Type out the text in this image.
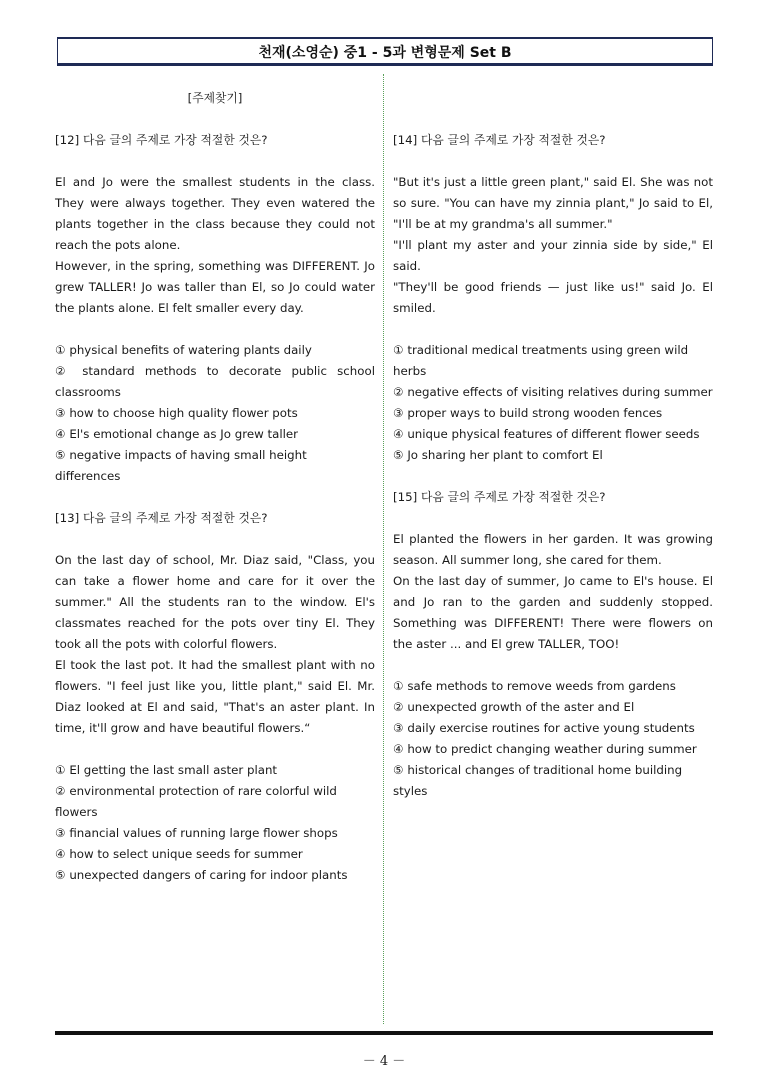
천재(소영순) 중1 - 5과 변형문제 Set B
[주제찾기]

[12] 다음 글의 주제로 가장 적절한 것은?

El and Jo were the smallest students in the class. They were always together. They even watered the plants together in the class because they could not reach the pots alone.

However, in the spring, something was DIFFERENT. Jo grew TALLER! Jo was taller than El, so Jo could water the plants alone. El felt smaller every day.

① physical benefits of watering plants daily

② standard methods to decorate public school classrooms

③ how to choose high quality flower pots

④ El's emotional change as Jo grew taller

⑤ negative impacts of having small height differences

[13] 다음 글의 주제로 가장 적절한 것은?

On the last day of school, Mr. Diaz said, "Class, you can take a flower home and care for it over the summer." All the students ran to the window. El's classmates reached for the pots over tiny El. They took all the pots with colorful flowers.

El took the last pot. It had the smallest plant with no flowers. "I feel just like you, little plant," said El. Mr. Diaz looked at El and said, "That's an aster plant. In time, it'll grow and have beautiful flowers.“

① El getting the last small aster plant

② environmental protection of rare colorful wild flowers

③ financial values of running large flower shops

④ how to select unique seeds for summer

⑤ unexpected dangers of caring for indoor plants

[14] 다음 글의 주제로 가장 적절한 것은?

"But it's just a little green plant," said El. She was not so sure. "You can have my zinnia plant," Jo said to El, "I'll be at my grandma's all summer."

"I'll plant my aster and your zinnia side by side," El said.

"They'll be good friends — just like us!" said Jo. El smiled.

① traditional medical treatments using green wild herbs

② negative effects of visiting relatives during summer

③ proper ways to build strong wooden fences

④ unique physical features of different flower seeds

⑤ Jo sharing her plant to comfort El

[15] 다음 글의 주제로 가장 적절한 것은?

El planted the flowers in her garden. It was growing season. All summer long, she cared for them.

On the last day of summer, Jo came to El's house. El and Jo ran to the garden and suddenly stopped. Something was DIFFERENT! There were flowers on the aster ... and El grew TALLER, TOO!

① safe methods to remove weeds from gardens

② unexpected growth of the aster and El

③ daily exercise routines for active young students

④ how to predict changing weather during summer

⑤ historical changes of traditional home building styles

－ 4 －
